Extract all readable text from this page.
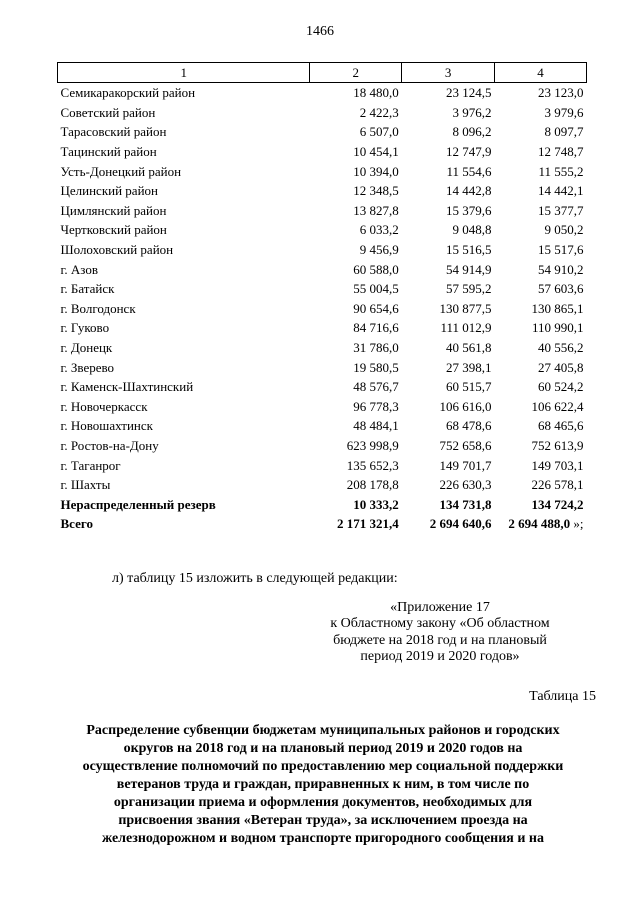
1466
1	2	3	4
Семикаракорский район	18 480,0	23 124,5	23 123,0
Советский район	2 422,3	3 976,2	3 979,6
Тарасовский район	6 507,0	8 096,2	8 097,7
Тацинский район	10 454,1	12 747,9	12 748,7
Усть-Донецкий район	10 394,0	11 554,6	11 555,2
Целинский район	12 348,5	14 442,8	14 442,1
Цимлянский район	13 827,8	15 379,6	15 377,7
Чертковский район	6 033,2	9 048,8	9 050,2
Шолоховский район	9 456,9	15 516,5	15 517,6
г. Азов	60 588,0	54 914,9	54 910,2
г. Батайск	55 004,5	57 595,2	57 603,6
г. Волгодонск	90 654,6	130 877,5	130 865,1
г. Гуково	84 716,6	111 012,9	110 990,1
г. Донецк	31 786,0	40 561,8	40 556,2
г. Зверево	19 580,5	27 398,1	27 405,8
г. Каменск-Шахтинский	48 576,7	60 515,7	60 524,2
г. Новочеркасск	96 778,3	106 616,0	106 622,4
г. Новошахтинск	48 484,1	68 478,6	68 465,6
г. Ростов-на-Дону	623 998,9	752 658,6	752 613,9
г. Таганрог	135 652,3	149 701,7	149 703,1
г. Шахты	208 178,8	226 630,3	226 578,1
Нераспределенный резерв	10 333,2	134 731,8	134 724,2
Всего	2 171 321,4	2 694 640,6	2 694 488,0 »;
л) таблицу 15 изложить в следующей редакции:
«Приложение 17
к Областному закону «Об областном
бюджете на 2018 год и на плановый
период 2019 и 2020 годов»
Таблица 15
Распределение субвенции бюджетам муниципальных районов и городских
округов на 2018 год и на плановый период 2019 и 2020 годов на
осуществление полномочий по предоставлению мер социальной поддержки
ветеранов труда и граждан, приравненных к ним, в том числе по
организации приема и оформления документов, необходимых для
присвоения звания «Ветеран труда», за исключением проезда на
железнодорожном и водном транспорте пригородного сообщения и на
